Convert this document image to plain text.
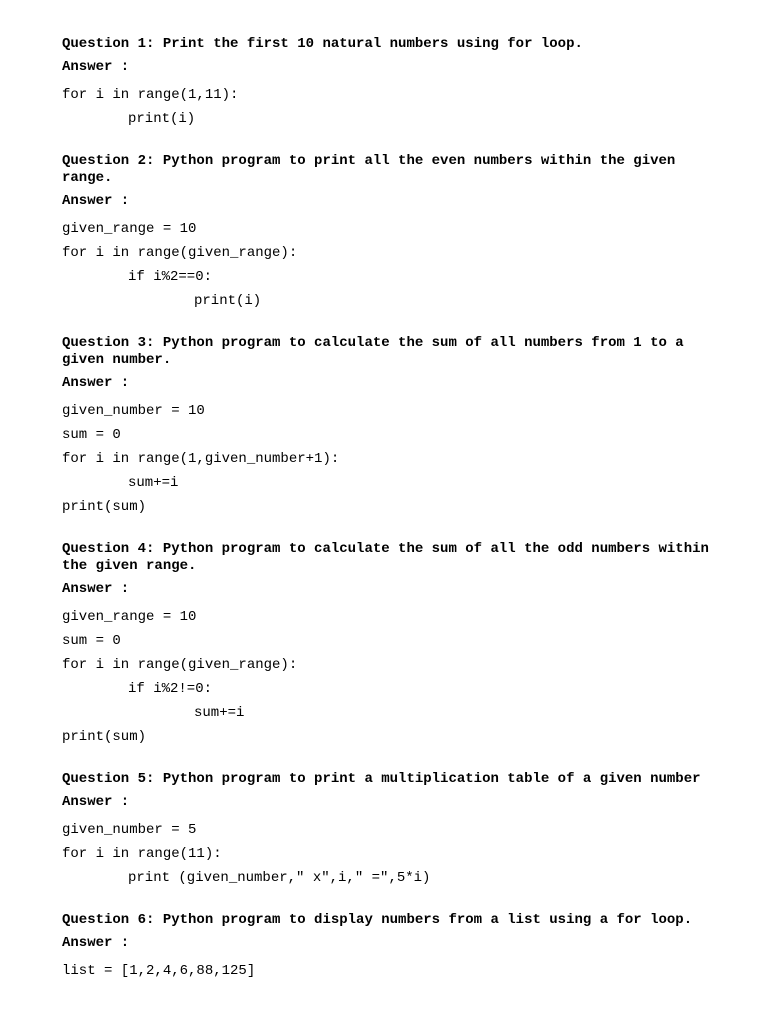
Question 1: Print the first 10 natural numbers using for loop.
Answer :
for i in range(1,11):
print(i)
Question 2: Python program to print all the even numbers within the given range.
Answer :
given_range = 10
for i in range(given_range):
if i%2==0:
print(i)
Question 3: Python program to calculate the sum of all numbers from 1 to a given number.
Answer :
given_number = 10
sum = 0
for i in range(1,given_number+1):
sum+=i
print(sum)
Question 4: Python program to calculate the sum of all the odd numbers within the given range.
Answer :
given_range = 10
sum = 0
for i in range(given_range):
if i%2!=0:
sum+=i
print(sum)
Question 5: Python program to print a multiplication table of a given number
Answer :
given_number = 5
for i in range(11):
print (given_number," x",i," =",5*i)
Question 6: Python program to display numbers from a list using a for loop.
Answer :
list = [1,2,4,6,88,125]
